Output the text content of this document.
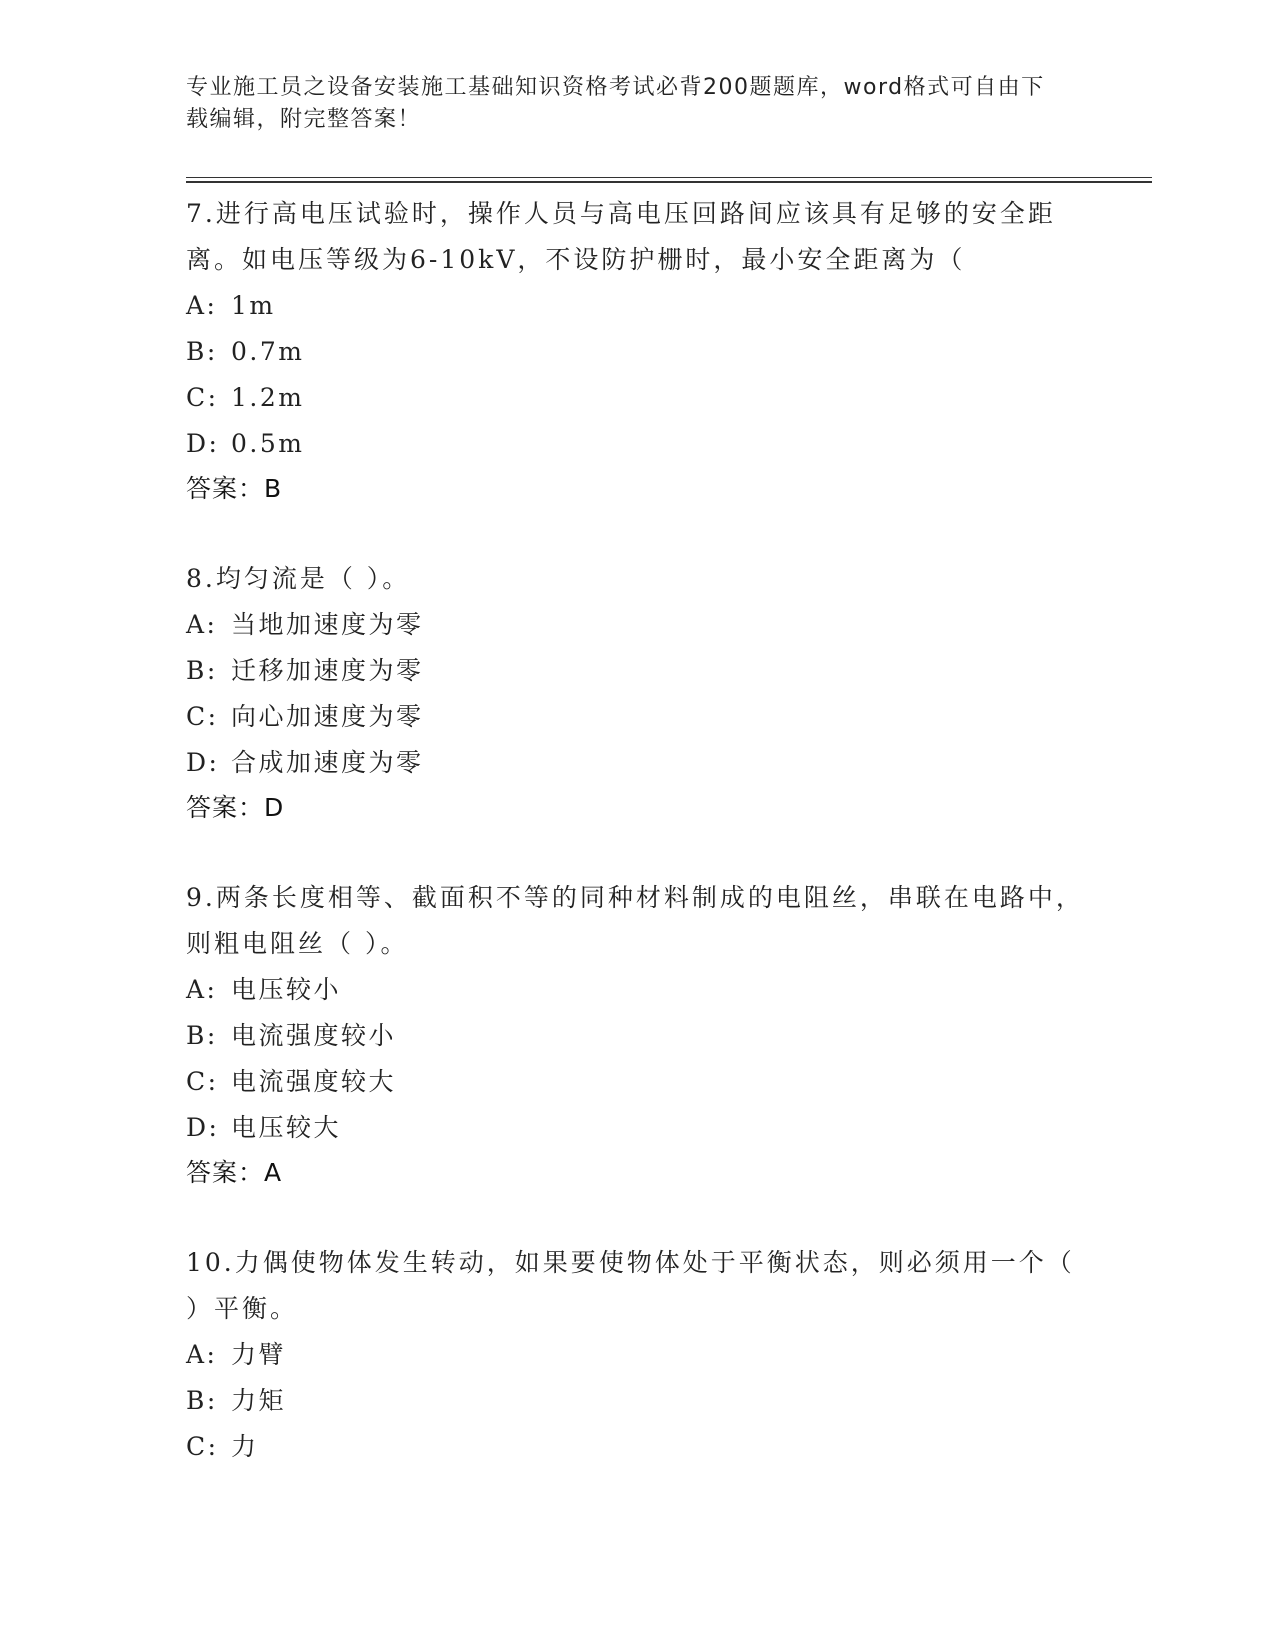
专业施工员之设备安装施工基础知识资格考试必背200题题库，word格式可自由下载编辑，附完整答案！
7.进行高电压试验时，操作人员与高电压回路间应该具有足够的安全距离。如电压等级为6-10kV，不设防护栅时，最小安全距离为（
A: 1m
B: 0.7m
C: 1.2m
D: 0.5m
答案：B
8.均匀流是（ ）。
A: 当地加速度为零
B: 迁移加速度为零
C: 向心加速度为零
D: 合成加速度为零
答案：D
9.两条长度相等、截面积不等的同种材料制成的电阻丝，串联在电路中，则粗电阻丝（ ）。
A: 电压较小
B: 电流强度较小
C: 电流强度较大
D: 电压较大
答案：A
10.力偶使物体发生转动，如果要使物体处于平衡状态，则必须用一个（ ）平衡。
A: 力臂
B: 力矩
C: 力
